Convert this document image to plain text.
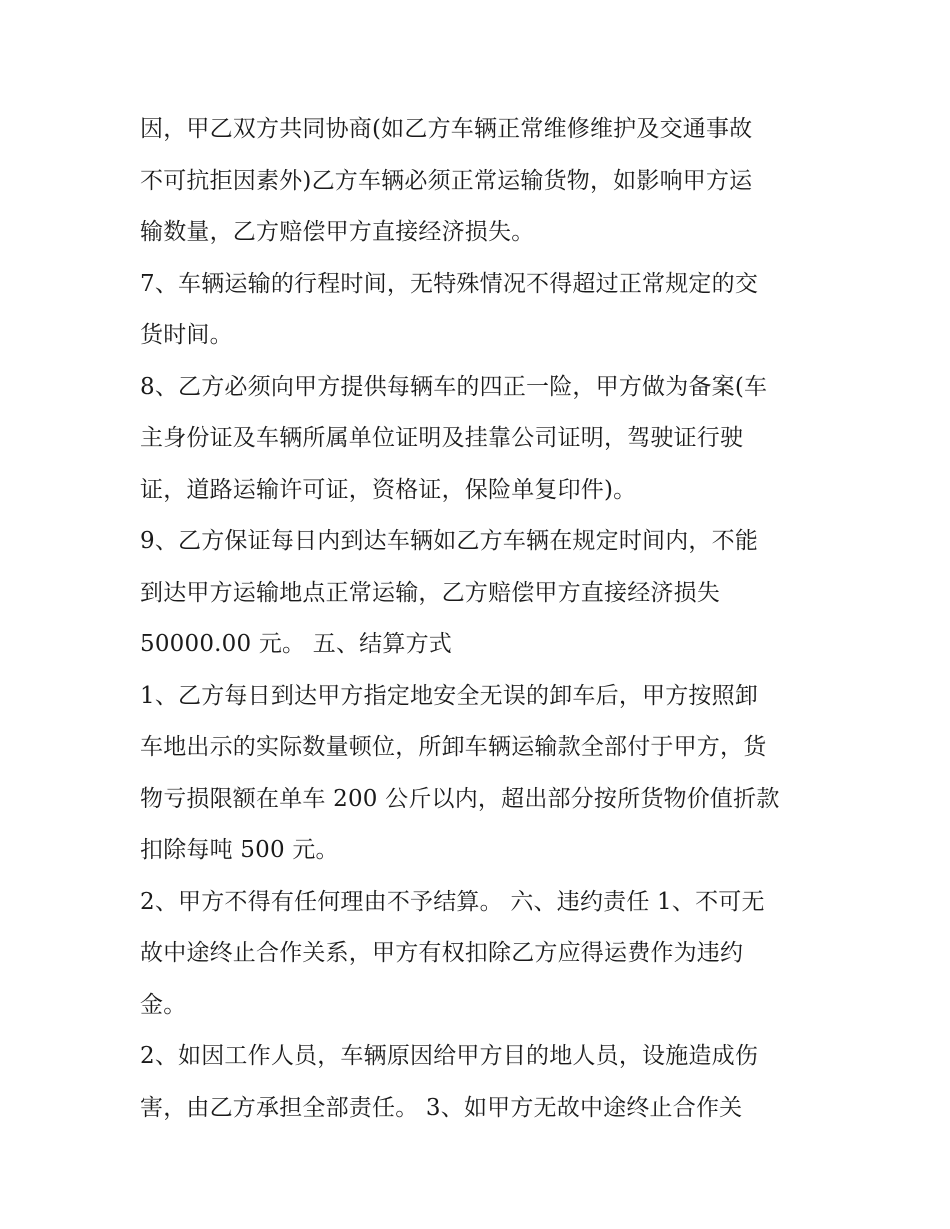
因，甲乙双方共同协商(如乙方车辆正常维修维护及交通事故
不可抗拒因素外)乙方车辆必须正常运输货物，如影响甲方运
输数量，乙方赔偿甲方直接经济损失。
7、车辆运输的行程时间，无特殊情况不得超过正常规定的交
货时间。
8、乙方必须向甲方提供每辆车的四正一险，甲方做为备案(车
主身份证及车辆所属单位证明及挂靠公司证明，驾驶证行驶
证，道路运输许可证，资格证，保险单复印件)。
9、乙方保证每日内到达车辆如乙方车辆在规定时间内，不能
到达甲方运输地点正常运输，乙方赔偿甲方直接经济损失
50000.00 元。 五、结算方式
1、乙方每日到达甲方指定地安全无误的卸车后，甲方按照卸
车地出示的实际数量顿位，所卸车辆运输款全部付于甲方，货
物亏损限额在单车 200 公斤以内，超出部分按所货物价值折款
扣除每吨 500 元。
2、甲方不得有任何理由不予结算。 六、违约责任 1、不可无
故中途终止合作关系，甲方有权扣除乙方应得运费作为违约
金。
2、如因工作人员，车辆原因给甲方目的地人员，设施造成伤
害，由乙方承担全部责任。 3、如甲方无故中途终止合作关
